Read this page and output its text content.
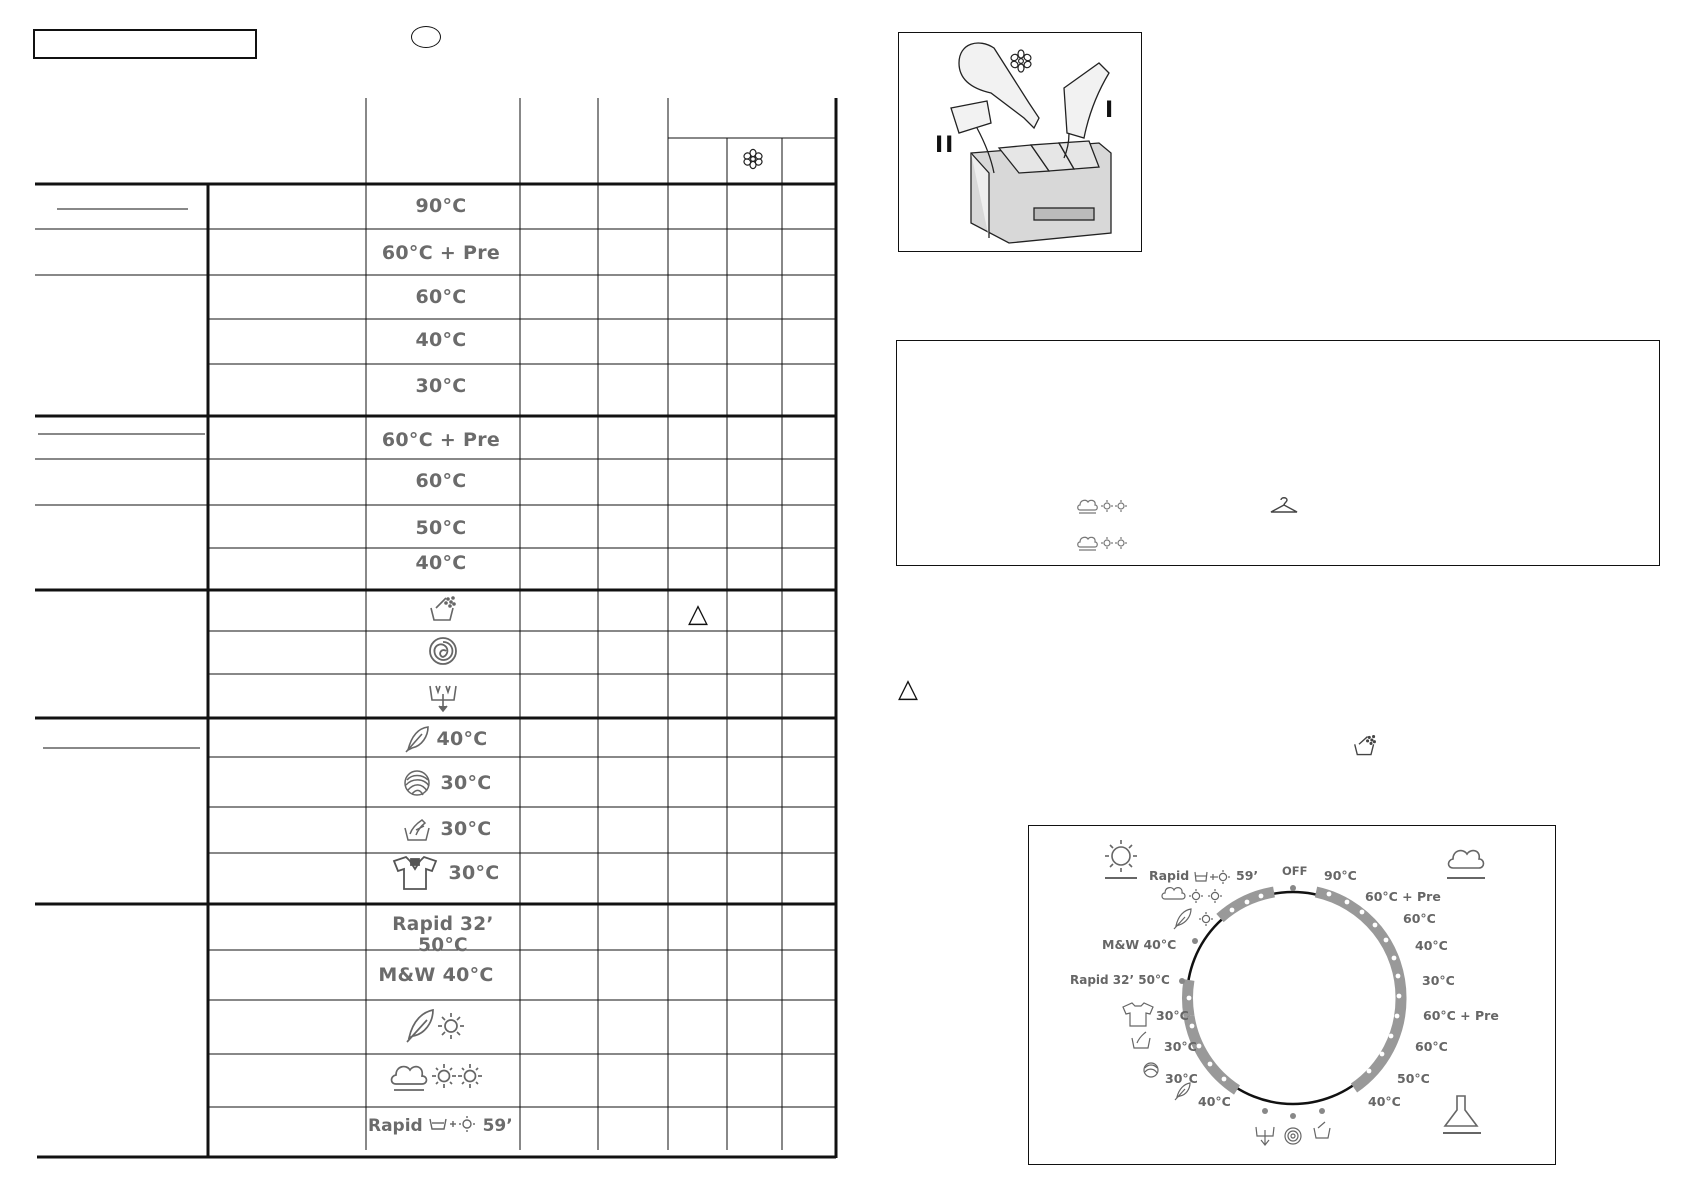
△
90°C
60°C + Pre
60°C
40°C
30°C
60°C + Pre
60°C
50°C
40°C
40°C
30°C
30°C
30°C
Rapid 32’ 50°C
M&W 40°C
Rapid	59’
I
II
△
Rapid	59’ OFF 90°C
60°C + Pre
60°C
40°C
30°C
M&W 40°C
Rapid 32’ 50°C
30°C
30°C
30°C
40°C
60°C + Pre
60°C
50°C
40°C
